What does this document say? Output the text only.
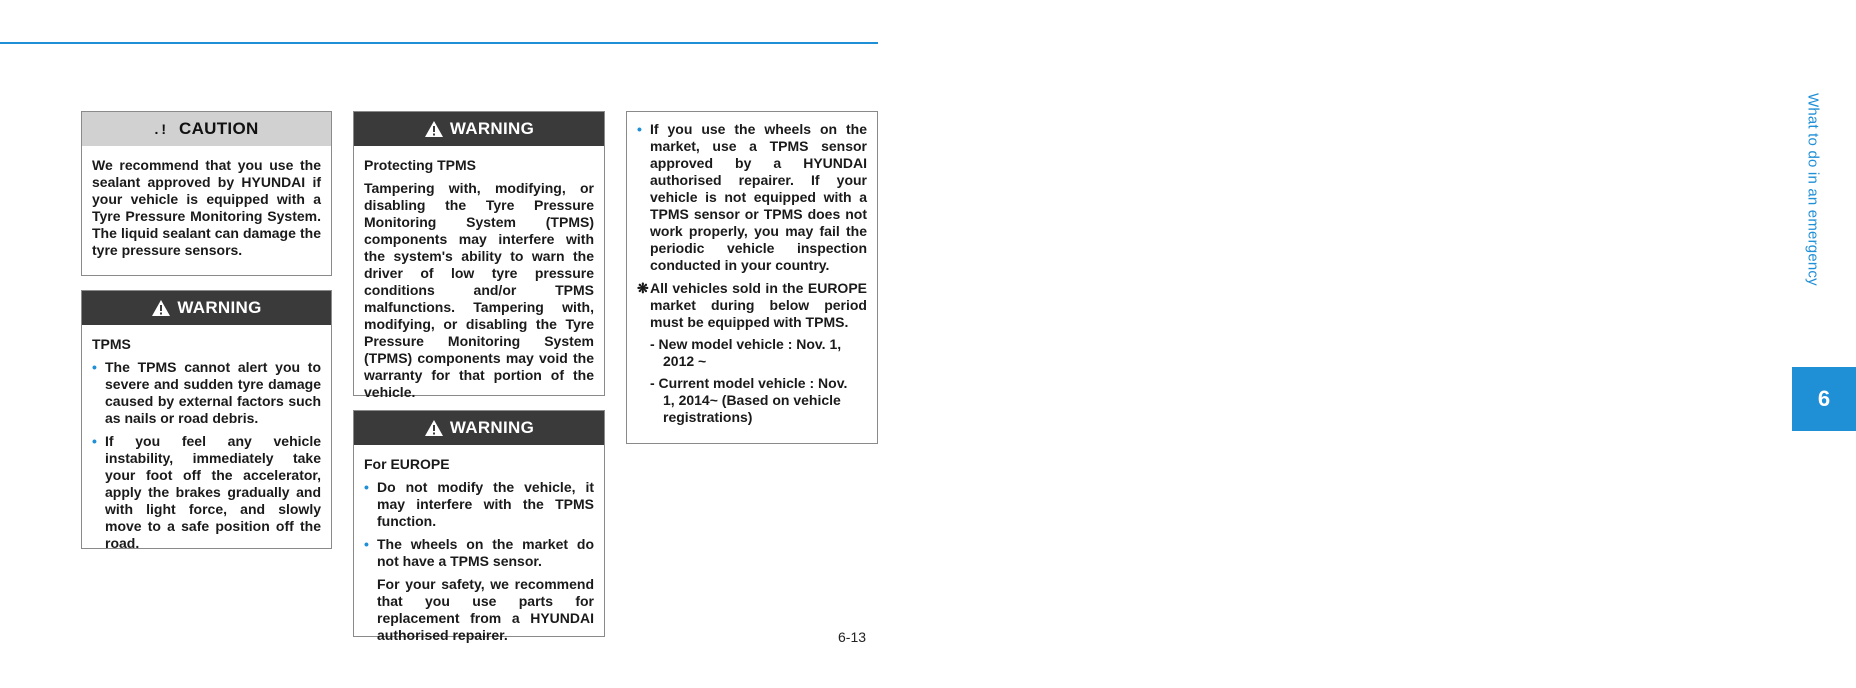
What to do in an emergency
6
.! CAUTION

We recommend that you use the sealant approved by HYUNDAI if your vehicle is equipped with a Tyre Pressure Monitoring System. The liquid sealant can damage the tyre pressure sensors.

WARNING

TPMS

• The TPMS cannot alert you to severe and sudden tyre damage caused by external factors such as nails or road debris.
• If you feel any vehicle instability, immediately take your foot off the accelerator, apply the brakes gradually and with light force, and slowly move to a safe position off the road.
WARNING

Protecting TPMS

Tampering with, modifying, or disabling the Tyre Pressure Monitoring System (TPMS) components may interfere with the system's ability to warn the driver of low tyre pressure conditions and/or TPMS malfunctions. Tampering with, modifying, or disabling the Tyre Pressure Monitoring System (TPMS) components may void the warranty for that portion of the vehicle.

WARNING

For EUROPE

• Do not modify the vehicle, it may interfere with the TPMS function.
• The wheels on the market do not have a TPMS sensor.

For your safety, we recommend that you use parts for replacement from a HYUNDAI authorised repairer.

• If you use the wheels on the market, use a TPMS sensor approved by a HYUNDAI authorised repairer. If your vehicle is not equipped with a TPMS sensor or TPMS does not work properly, you may fail the periodic vehicle inspection conducted in your country.
❋ All vehicles sold in the EUROPE market during below period must be equipped with TPMS.
- New model vehicle : Nov. 1,
2012 ~
- Current model vehicle : Nov.
1, 2014~ (Based on vehicle registrations)
6-13
